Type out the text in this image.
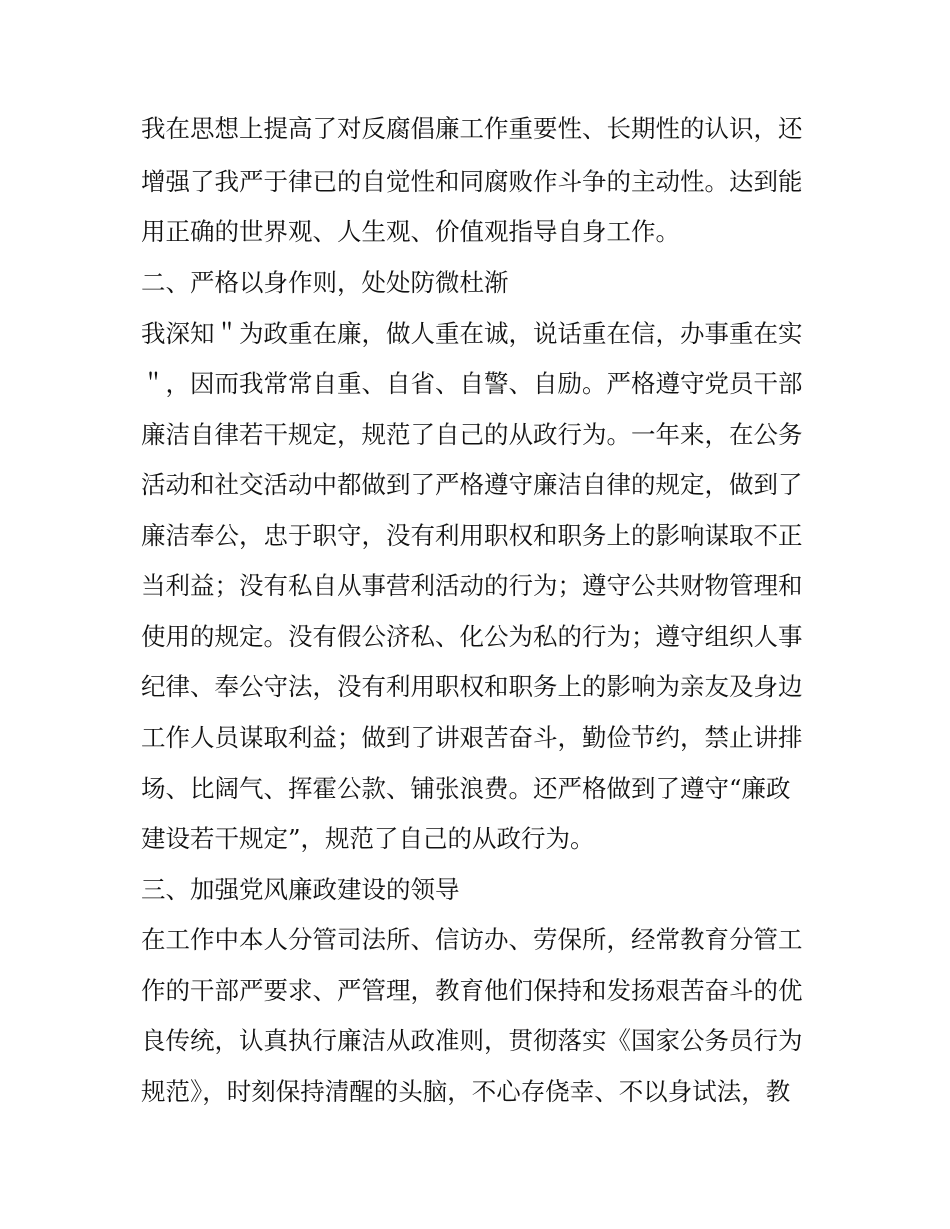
我在思想上提高了对反腐倡廉工作重要性、长期性的认识，还
增强了我严于律已的自觉性和同腐败作斗争的主动性。达到能
用正确的世界观、人生观、价值观指导自身工作。
二、严格以身作则，处处防微杜渐
我深知＂为政重在廉，做人重在诚，说话重在信，办事重在实
＂，因而我常常自重、自省、自警、自励。严格遵守党员干部
廉洁自律若干规定，规范了自己的从政行为。一年来，在公务
活动和社交活动中都做到了严格遵守廉洁自律的规定，做到了
廉洁奉公，忠于职守，没有利用职权和职务上的影响谋取不正
当利益；没有私自从事营利活动的行为；遵守公共财物管理和
使用的规定。没有假公济私、化公为私的行为；遵守组织人事
纪律、奉公守法，没有利用职权和职务上的影响为亲友及身边
工作人员谋取利益；做到了讲艰苦奋斗，勤俭节约，禁止讲排
场、比阔气、挥霍公款、铺张浪费。还严格做到了遵守“廉政
建设若干规定”，规范了自己的从政行为。
三、加强党风廉政建设的领导
在工作中本人分管司法所、信访办、劳保所，经常教育分管工
作的干部严要求、严管理，教育他们保持和发扬艰苦奋斗的优
良传统，认真执行廉洁从政准则，贯彻落实《国家公务员行为
规范》，时刻保持清醒的头脑，不心存侥幸、不以身试法，教
